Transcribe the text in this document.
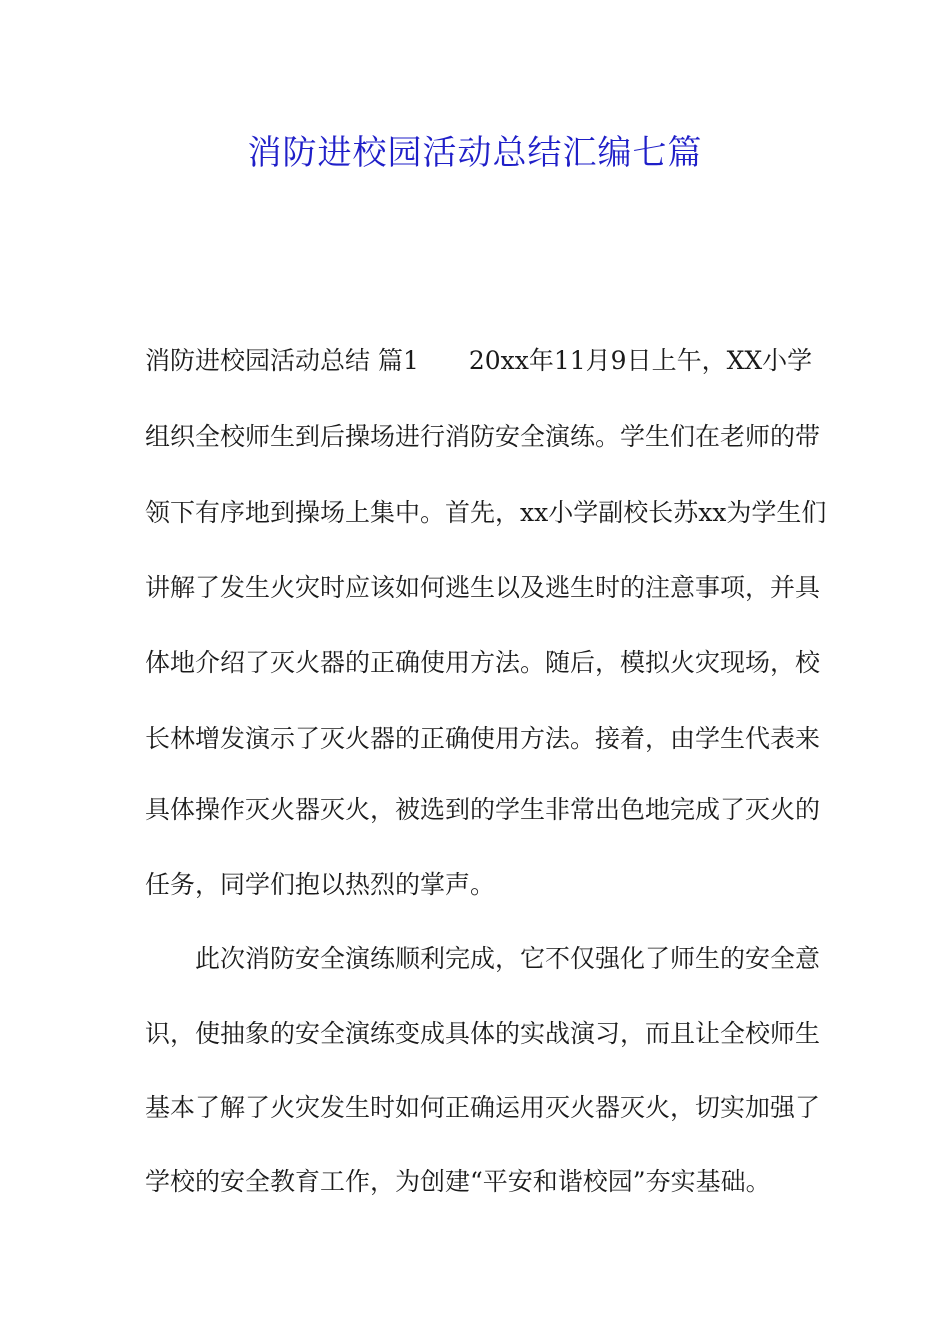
消防进校园活动总结汇编七篇
消防进校园活动总结 篇1　　20xx年11月9日上午，XX小学
组织全校师生到后操场进行消防安全演练。学生们在老师的带
领下有序地到操场上集中。首先，xx小学副校长苏xx为学生们
讲解了发生火灾时应该如何逃生以及逃生时的注意事项，并具
体地介绍了灭火器的正确使用方法。随后，模拟火灾现场，校
长林增发演示了灭火器的正确使用方法。接着，由学生代表来
具体操作灭火器灭火，被选到的学生非常出色地完成了灭火的
任务，同学们抱以热烈的掌声。
此次消防安全演练顺利完成，它不仅强化了师生的安全意
识，使抽象的安全演练变成具体的实战演习，而且让全校师生
基本了解了火灾发生时如何正确运用灭火器灭火，切实加强了
学校的安全教育工作，为创建“平安和谐校园”夯实基础。
